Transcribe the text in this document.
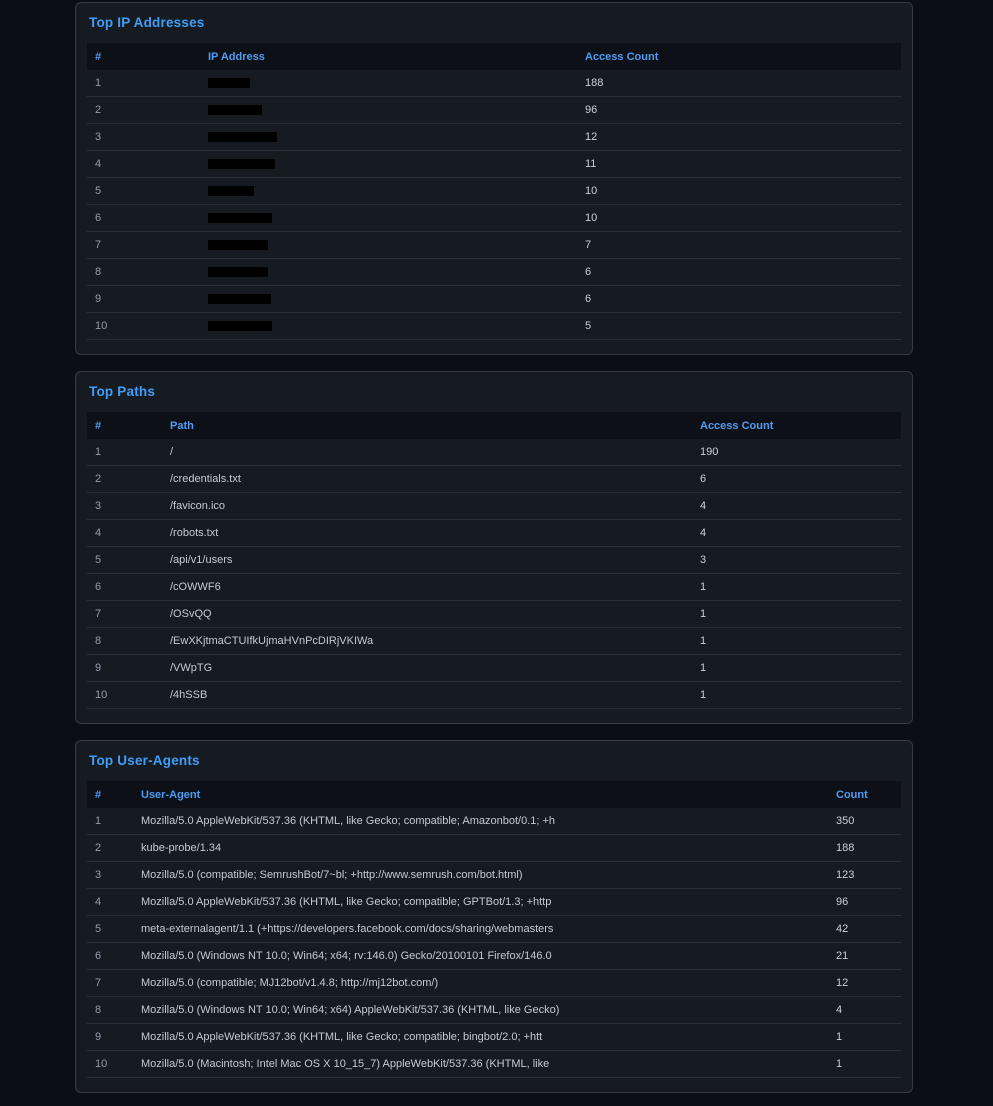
Top IP Addresses
#	IP Address	Access Count
1		188
2		96
3		12
4		11
5		10
6		10
7		7
8		6
9		6
10		5
Top Paths
#	Path	Access Count
1	/	190
2	/credentials.txt	6
3	/favicon.ico	4
4	/robots.txt	4
5	/api/v1/users	3
6	/cOWWF6	1
7	/OSvQQ	1
8	/EwXKjtmaCTUIfkUjmaHVnPcDIRjVKIWa	1
9	/VWpTG	1
10	/4hSSB	1
Top User-Agents
#	User-Agent	Count
1	Mozilla/5.0 AppleWebKit/537.36 (KHTML, like Gecko; compatible; Amazonbot/0.1; +h	350
2	kube-probe/1.34	188
3	Mozilla/5.0 (compatible; SemrushBot/7~bl; +http://www.semrush.com/bot.html)	123
4	Mozilla/5.0 AppleWebKit/537.36 (KHTML, like Gecko; compatible; GPTBot/1.3; +http	96
5	meta-externalagent/1.1 (+https://developers.facebook.com/docs/sharing/webmasters	42
6	Mozilla/5.0 (Windows NT 10.0; Win64; x64; rv:146.0) Gecko/20100101 Firefox/146.0	21
7	Mozilla/5.0 (compatible; MJ12bot/v1.4.8; http://mj12bot.com/)	12
8	Mozilla/5.0 (Windows NT 10.0; Win64; x64) AppleWebKit/537.36 (KHTML, like Gecko)	4
9	Mozilla/5.0 AppleWebKit/537.36 (KHTML, like Gecko; compatible; bingbot/2.0; +htt	1
10	Mozilla/5.0 (Macintosh; Intel Mac OS X 10_15_7) AppleWebKit/537.36 (KHTML, like	1
